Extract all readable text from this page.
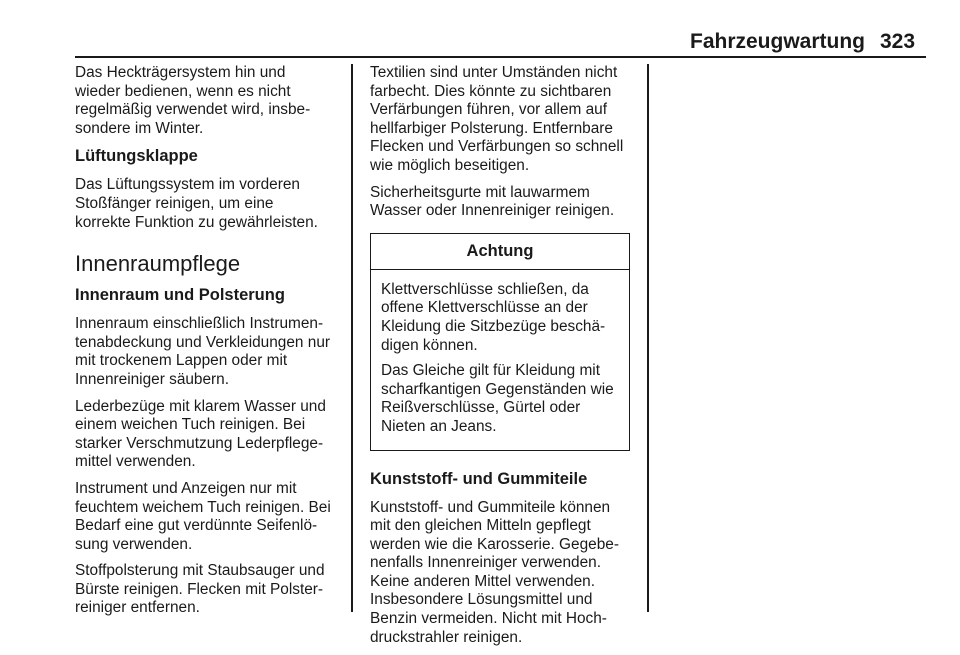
Fahrzeugwartung 323

Das Heckträgersystem hin und
wieder bedienen, wenn es nicht
regelmäßig verwendet wird, insbe-
sondere im Winter.

Lüftungsklappe

Das Lüftungssystem im vorderen
Stoßfänger reinigen, um eine
korrekte Funktion zu gewährleisten.

Innenraumpflege
Innenraum und Polsterung

Innenraum einschließlich Instrumen-
tenabdeckung und Verkleidungen nur
mit trockenem Lappen oder mit
Innenreiniger säubern.

Lederbezüge mit klarem Wasser und
einem weichen Tuch reinigen. Bei
starker Verschmutzung Lederpflege-
mittel verwenden.

Instrument und Anzeigen nur mit
feuchtem weichem Tuch reinigen. Bei
Bedarf eine gut verdünnte Seifenlö-
sung verwenden.

Stoffpolsterung mit Staubsauger und
Bürste reinigen. Flecken mit Polster-
reiniger entfernen.

Textilien sind unter Umständen nicht
farbecht. Dies könnte zu sichtbaren
Verfärbungen führen, vor allem auf
hellfarbiger Polsterung. Entfernbare
Flecken und Verfärbungen so schnell
wie möglich beseitigen.

Sicherheitsgurte mit lauwarmem
Wasser oder Innenreiniger reinigen.

Achtung

Klettverschlüsse schließen, da
offene Klettverschlüsse an der
Kleidung die Sitzbezüge beschä-
digen können.

Das Gleiche gilt für Kleidung mit
scharfkantigen Gegenständen wie
Reißverschlüsse, Gürtel oder
Nieten an Jeans.

Kunststoff- und Gummiteile

Kunststoff- und Gummiteile können
mit den gleichen Mitteln gepflegt
werden wie die Karosserie. Gegebe-
nenfalls Innenreiniger verwenden.
Keine anderen Mittel verwenden.
Insbesondere Lösungsmittel und
Benzin vermeiden. Nicht mit Hoch-
druckstrahler reinigen.
